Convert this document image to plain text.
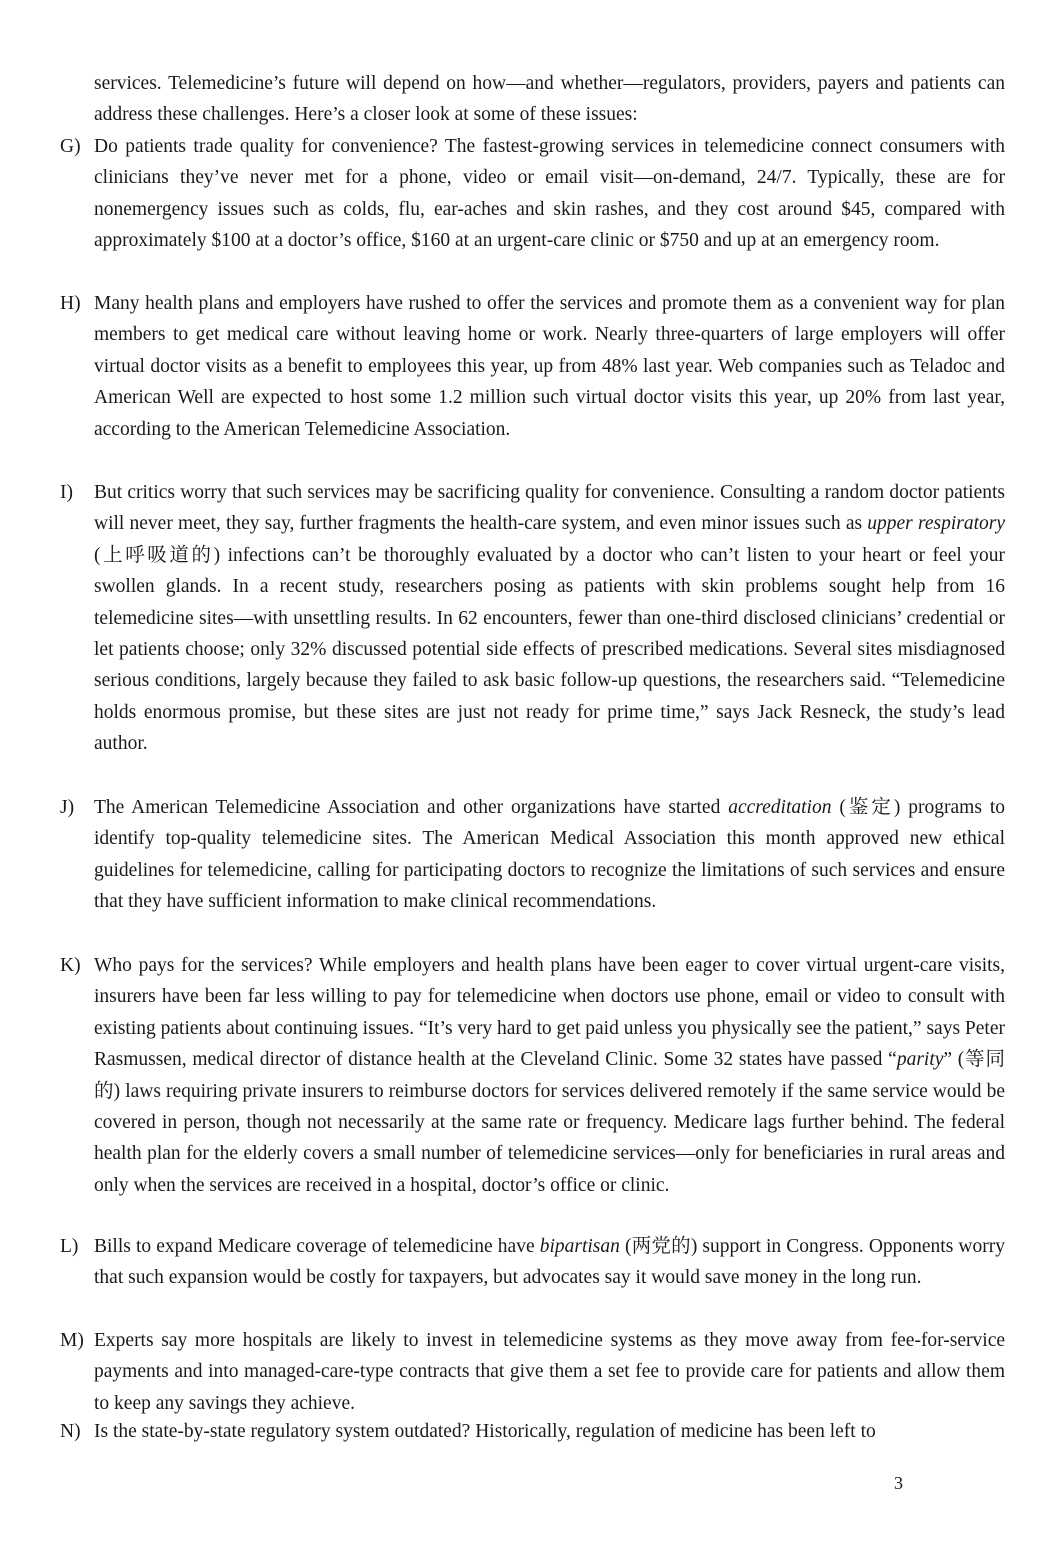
services. Telemedicine’s future will depend on how—and whether—regulators, providers, payers and patients can address these challenges. Here’s a closer look at some of these issues:

G) Do patients trade quality for convenience? The fastest-growing services in telemedicine connect consumers with clinicians they’ve never met for a phone, video or email visit—on-demand, 24/7. Typically, these are for nonemergency issues such as colds, flu, ear-aches and skin rashes, and they cost around $45, compared with approximately $100 at a doctor’s office, $160 at an urgent-care clinic or $750 and up at an emergency room.
H) Many health plans and employers have rushed to offer the services and promote them as a convenient way for plan members to get medical care without leaving home or work. Nearly three-quarters of large employers will offer virtual doctor visits as a benefit to employees this year, up from 48% last year. Web companies such as Teladoc and American Well are expected to host some 1.2 million such virtual doctor visits this year, up 20% from last year, according to the American Telemedicine Association.
I)	But critics worry that such services may be sacrificing quality for convenience. Consulting a random doctor patients will never meet, they say, further fragments the health-care system, and even minor issues such as upper respiratory (上呼吸道的) infections can’t be thoroughly evaluated by a doctor who can’t listen to your heart or feel your swollen glands. In a recent study, researchers posing as patients with skin problems sought help from 16 telemedicine sites—with unsettling results. In 62 encounters, fewer than one-third disclosed clinicians’ credential or let patients choose; only 32% discussed potential side effects of prescribed medications. Several sites misdiagnosed serious conditions, largely because they failed to ask basic follow-up questions, the researchers said. “Telemedicine holds enormous promise, but these sites are just not ready for prime time,” says Jack Resneck, the study’s lead author.
J)	The American Telemedicine Association and other organizations have started accreditation (鉴定) programs to identify top-quality telemedicine sites. The American Medical Association this month approved new ethical guidelines for telemedicine, calling for participating doctors to recognize the limitations of such services and ensure that they have sufficient information to make clinical recommendations.
K) Who pays for the services? While employers and health plans have been eager to cover virtual urgent-care visits, insurers have been far less willing to pay for telemedicine when doctors use phone, email or video to consult with existing patients about continuing issues. “It’s very hard to get paid unless you physically see the patient,” says Peter Rasmussen, medical director of distance health at the Cleveland Clinic. Some 32 states have passed “parity” (等同的) laws requiring private insurers to reimburse doctors for services delivered remotely if the same service would be covered in person, though not necessarily at the same rate or frequency. Medicare lags further behind. The federal health plan for the elderly covers a small number of telemedicine services—only for beneficiaries in rural areas and only when the services are received in a hospital, doctor’s office or clinic.
L) Bills to expand Medicare coverage of telemedicine have bipartisan (两党的) support in Congress. Opponents worry that such expansion would be costly for taxpayers, but advocates say it would save money in the long run.
M) Experts say more hospitals are likely to invest in telemedicine systems as they move away from fee-for-service payments and into managed-care-type contracts that give them a set fee to provide care for patients and allow them to keep any savings they achieve.
N) Is the state-by-state regulatory system outdated? Historically, regulation of medicine has been left to
3
